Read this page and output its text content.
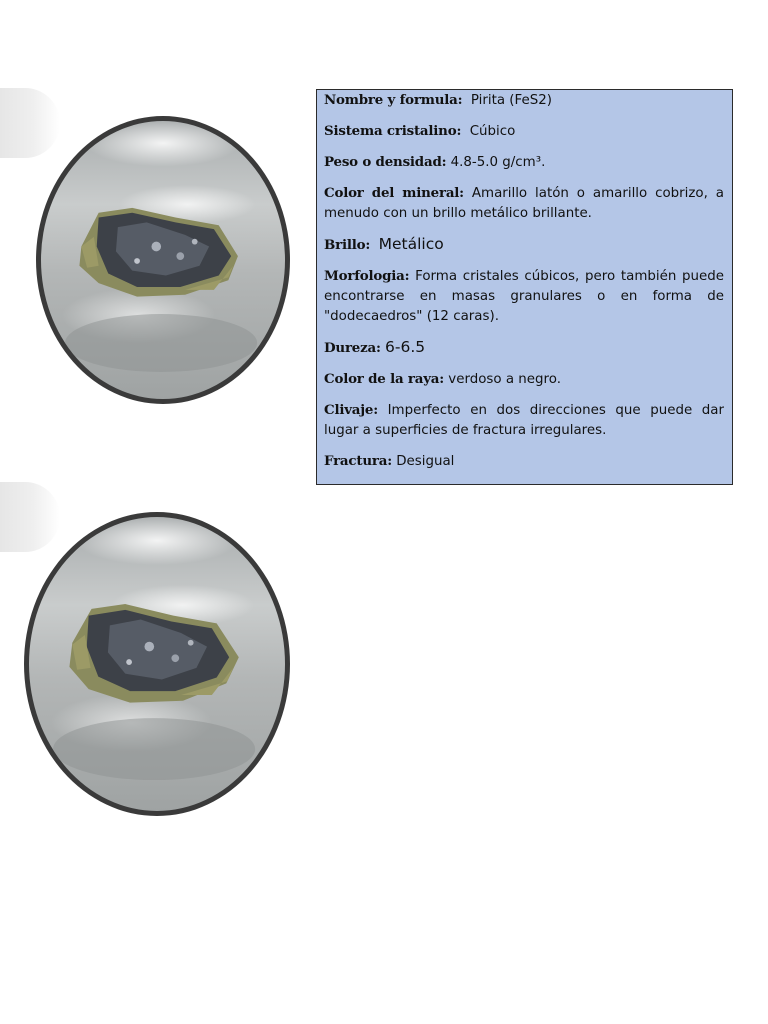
Nombre y formula: Pirita (FeS2)
Sistema cristalino: Cúbico
Peso o densidad: 4.8-5.0 g/cm³.
Color del mineral: Amarillo latón o amarillo cobrizo, a menudo con un brillo metálico brillante.
Brillo: Metálico
Morfologia: Forma cristales cúbicos, pero también puede encontrarse en masas granulares o en forma de "dodecaedros" (12 caras).
Dureza: 6-6.5
Color de la raya: verdoso a negro.
Clivaje: Imperfecto en dos direcciones que puede dar lugar a superficies de fractura irregulares.
Fractura: Desigual
